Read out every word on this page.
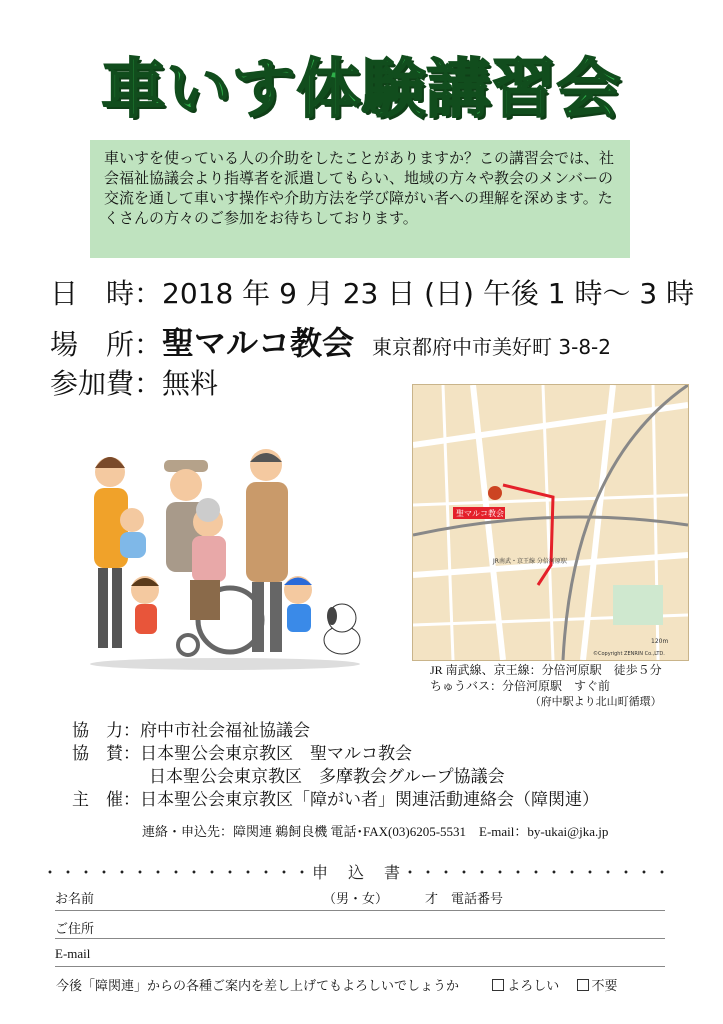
車いす体験講習会
車いすを使っている人の介助をしたことがありますか？この講習会では、社会福祉協議会より指導者を派遣してもらい、地域の方々や教会のメンバーの交流を通して車いす操作や介助方法を学び障がい者への理解を深めます。たくさんの方々のご参加をお待ちしております。
日　時：2018 年 9 月 23 日 (日) 午後 1 時～ 3 時
場　所：聖マルコ教会 東京都府中市美好町 3-8-2
参加費：無料
聖マルコ教会
JR南武・京王線 分倍河原駅
©Copyright ZENRIN Co.,LTD.
120m
JR 南武線、京王線：分倍河原駅　徒歩５分
ちゅうバス：分倍河原駅　すぐ前
（府中駅より北山町循環）
協　力：府中市社会福祉協議会
協　賛：日本聖公会東京教区　聖マルコ教会
日本聖公会東京教区　多摩教会グループ協議会
主　催：日本聖公会東京教区「障がい者」関連活動連絡会（障関連）
連絡・申込先：障関連 鵜飼良機 電話･FAX(03)6205-5531　E-mail：by-ukai@jka.jp
・・・・・・・・・・・・・・・申　込　書・・・・・・・・・・・・・・・
お名前	（男・女）	才 電話番号
ご住所
E-mail
今後「障関連」からの各種ご案内を差し上げてもよろしいでしょうか	よろしい 不要
